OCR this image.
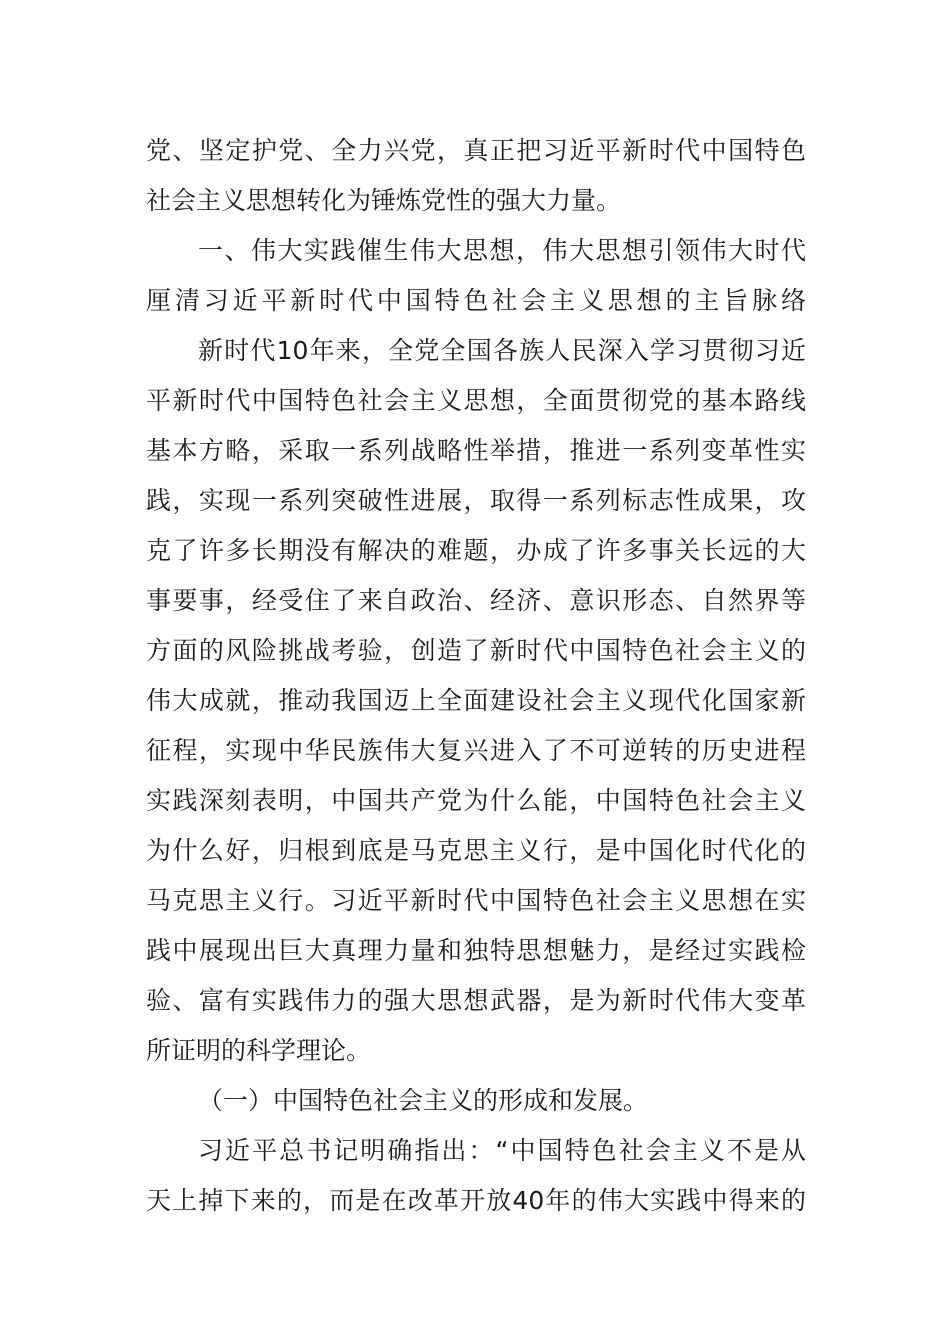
党、坚定护党、全力兴党，真正把习近平新时代中国特色
社会主义思想转化为锤炼党性的强大力量。
一、伟大实践催生伟大思想，伟大思想引领伟大时代
厘清习近平新时代中国特色社会主义思想的主旨脉络
新时代10年来，全党全国各族人民深入学习贯彻习近
平新时代中国特色社会主义思想，全面贯彻党的基本路线
基本方略，采取一系列战略性举措，推进一系列变革性实
践，实现一系列突破性进展，取得一系列标志性成果，攻
克了许多长期没有解决的难题，办成了许多事关长远的大
事要事，经受住了来自政治、经济、意识形态、自然界等
方面的风险挑战考验，创造了新时代中国特色社会主义的
伟大成就，推动我国迈上全面建设社会主义现代化国家新
征程，实现中华民族伟大复兴进入了不可逆转的历史进程
实践深刻表明，中国共产党为什么能，中国特色社会主义
为什么好，归根到底是马克思主义行，是中国化时代化的
马克思主义行。习近平新时代中国特色社会主义思想在实
践中展现出巨大真理力量和独特思想魅力，是经过实践检
验、富有实践伟力的强大思想武器，是为新时代伟大变革
所证明的科学理论。
（一）中国特色社会主义的形成和发展。
习近平总书记明确指出：“中国特色社会主义不是从
天上掉下来的，而是在改革开放40年的伟大实践中得来的
